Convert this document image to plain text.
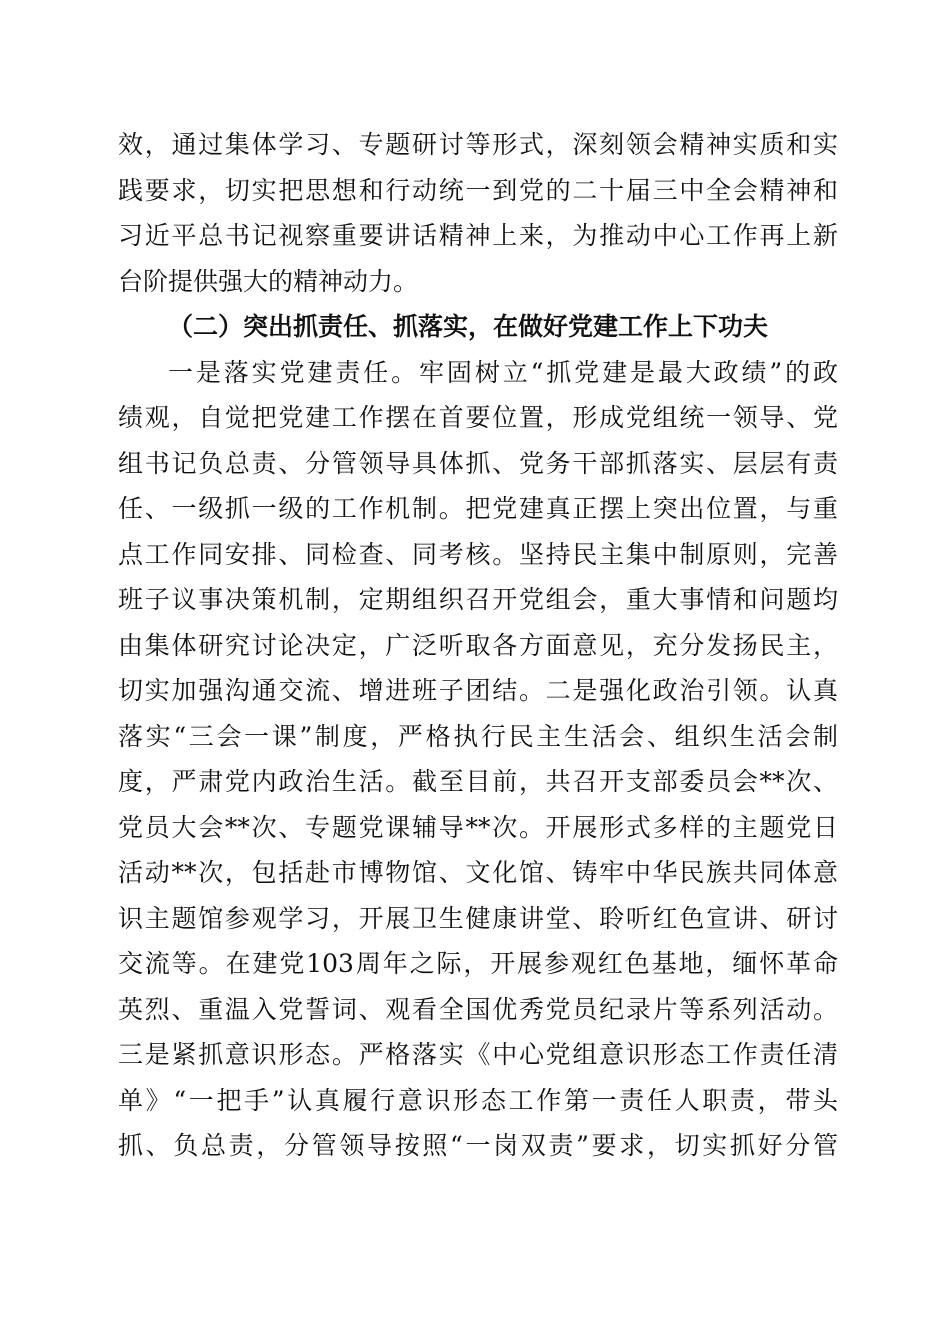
效，通过集体学习、专题研讨等形式，深刻领会精神实质和实
践要求，切实把思想和行动统一到党的二十届三中全会精神和
习近平总书记视察重要讲话精神上来，为推动中心工作再上新
台阶提供强大的精神动力。
（二）突出抓责任、抓落实，在做好党建工作上下功夫
一是落实党建责任。牢固树立“抓党建是最大政绩”的政
绩观，自觉把党建工作摆在首要位置，形成党组统一领导、党
组书记负总责、分管领导具体抓、党务干部抓落实、层层有责
任、一级抓一级的工作机制。把党建真正摆上突出位置，与重
点工作同安排、同检查、同考核。坚持民主集中制原则，完善
班子议事决策机制，定期组织召开党组会，重大事情和问题均
由集体研究讨论决定，广泛听取各方面意见，充分发扬民主，
切实加强沟通交流、增进班子团结。二是强化政治引领。认真
落实“三会一课”制度，严格执行民主生活会、组织生活会制
度，严肃党内政治生活。截至目前，共召开支部委员会**次、
党员大会**次、专题党课辅导**次。开展形式多样的主题党日
活动**次，包括赴市博物馆、文化馆、铸牢中华民族共同体意
识主题馆参观学习，开展卫生健康讲堂、聆听红色宣讲、研讨
交流等。在建党103周年之际，开展参观红色基地，缅怀革命
英烈、重温入党誓词、观看全国优秀党员纪录片等系列活动。
三是紧抓意识形态。严格落实《中心党组意识形态工作责任清
单》“一把手”认真履行意识形态工作第一责任人职责，带头
抓、负总责，分管领导按照“一岗双责”要求，切实抓好分管
